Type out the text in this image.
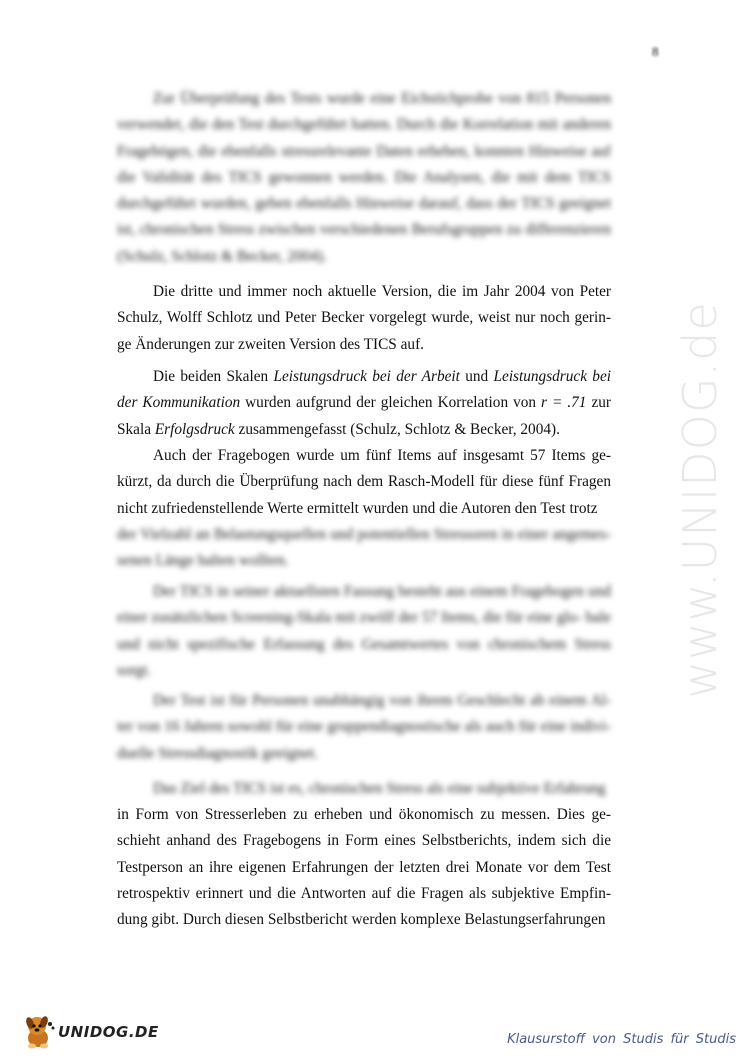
8
www.UNIDOG.de
Zur Überprüfung des Tests wurde eine Eichstichprobe von 815 Personen verwendet, die den Test durchgeführt hatten. Durch die Korrelation mit anderen Fragebögen, die ebenfalls stressrelevante Daten erheben, konnten Hinweise auf die Validität des TICS gewonnen werden. Die Analysen, die mit dem TICS durchgeführt wurden, geben ebenfalls Hinweise darauf, dass der TICS geeignet ist, chronischen Stress zwischen verschiedenen Berufsgruppen zu differenzieren (Schulz, Schlotz & Becker, 2004).
Die dritte und immer noch aktuelle Version, die im Jahr 2004 von Peter Schulz, Wolff Schlotz und Peter Becker vorgelegt wurde, weist nur noch gerin- ge Änderungen zur zweiten Version des TICS auf.
Die beiden Skalen Leistungsdruck bei der Arbeit und Leistungsdruck bei der Kommunikation wurden aufgrund der gleichen Korrelation von r = .71 zur Skala Erfolgsdruck zusammengefasst (Schulz, Schlotz & Becker, 2004).
Auch der Fragebogen wurde um fünf Items auf insgesamt 57 Items ge- kürzt, da durch die Überprüfung nach dem Rasch-Modell für diese fünf Fragen nicht zufriedenstellende Werte ermittelt wurden und die Autoren den Test trotz
der Vielzahl an Belastungsquellen und potentiellen Stressoren in einer angemes- senen Länge halten wollten.
Der TICS in seiner aktuellsten Fassung besteht aus einem Fragebogen und einer zusätzlichen Screening-Skala mit zwölf der 57 Items, die für eine glo- bale und nicht spezifische Erfassung des Gesamtwertes von chronischem Stress sorgt.
Der Test ist für Personen unabhängig von ihrem Geschlecht ab einem Al- ter von 16 Jahren sowohl für eine gruppendiagnostische als auch für eine indivi- duelle Stressdiagnostik geeignet.
Das Ziel des TICS ist es, chronischen Stress als eine subjektive Erfahrung
in Form von Stresserleben zu erheben und ökonomisch zu messen. Dies ge- schieht anhand des Fragebogens in Form eines Selbstberichts, indem sich die Testperson an ihre eigenen Erfahrungen der letzten drei Monate vor dem Test retrospektiv erinnert und die Antworten auf die Fragen als subjektive Empfin- dung gibt. Durch diesen Selbstbericht werden komplexe Belastungserfahrungen
UNIDOG.DE	Klausurstoff von Studis für Studis
